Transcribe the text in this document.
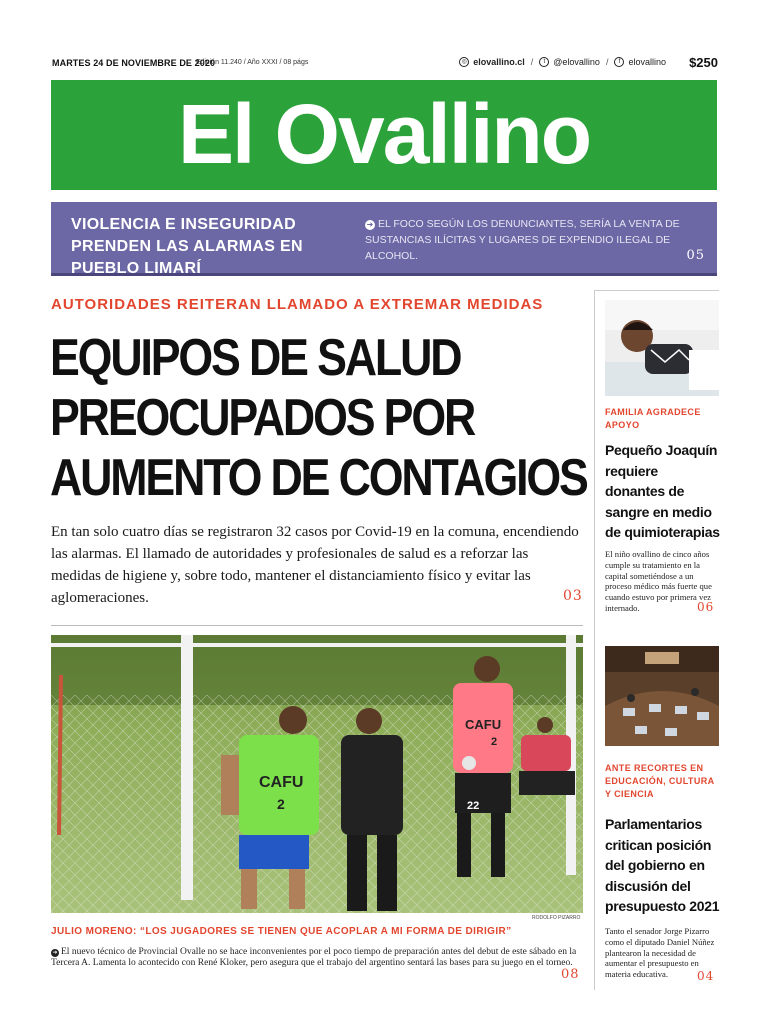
MARTES 24 DE NOVIEMBRE DE 2020
Edición 11.240 / Año XXXI / 08 págs	◎ elovallino.cl /	t @elovallino /	f elovallino $250
El Ovallino
VIOLENCIA E INSEGURIDAD PRENDEN LAS ALARMAS EN PUEBLO LIMARÍ
➜ EL FOCO SEGÚN LOS DENUNCIANTES, SERÍA LA VENTA DE SUSTANCIAS ILÍCITAS Y LUGARES DE EXPENDIO ILEGAL DE ALCOHOL.	05
AUTORIDADES REITERAN LLAMADO A EXTREMAR MEDIDAS
EQUIPOS DE SALUD
PREOCUPADOS POR
AUMENTO DE CONTAGIOS
En tan solo cuatro días se registraron 32 casos por Covid-19 en la comuna, encendiendo las alarmas. El llamado de autoridades y profesionales de salud es a reforzar las medidas de higiene y, sobre todo, mantener el distanciamiento físico y evitar las aglomeraciones.	03
CAFU
2
CAFU
2
22
RODOLFO PIZARRO
JULIO MORENO: “LOS JUGADORES SE TIENEN QUE ACOPLAR A MI FORMA DE DIRIGIR”
➜ El nuevo técnico de Provincial Ovalle no se hace inconvenientes por el poco tiempo de preparación antes del debut de este sábado en la Tercera A. Lamenta lo acontecido con René Kloker, pero asegura que el trabajo del argentino sentará las bases para su juego en el torneo.
08
FAMILIA AGRADECE APOYO
Pequeño Joaquín requiere donantes de sangre en medio de quimioterapias
El niño ovallino de cinco años cumple su tratamiento en la capital sometiéndose a un proceso médico más fuerte que cuando estuvo por primera vez internado.	06
ANTE RECORTES EN EDUCACIÓN, CULTURA Y CIENCIA
Parlamentarios critican posición del gobierno en discusión del presupuesto 2021
Tanto el senador Jorge Pizarro como el diputado Daniel Núñez plantearon la necesidad de aumentar el presupuesto en materia educativa.	04
